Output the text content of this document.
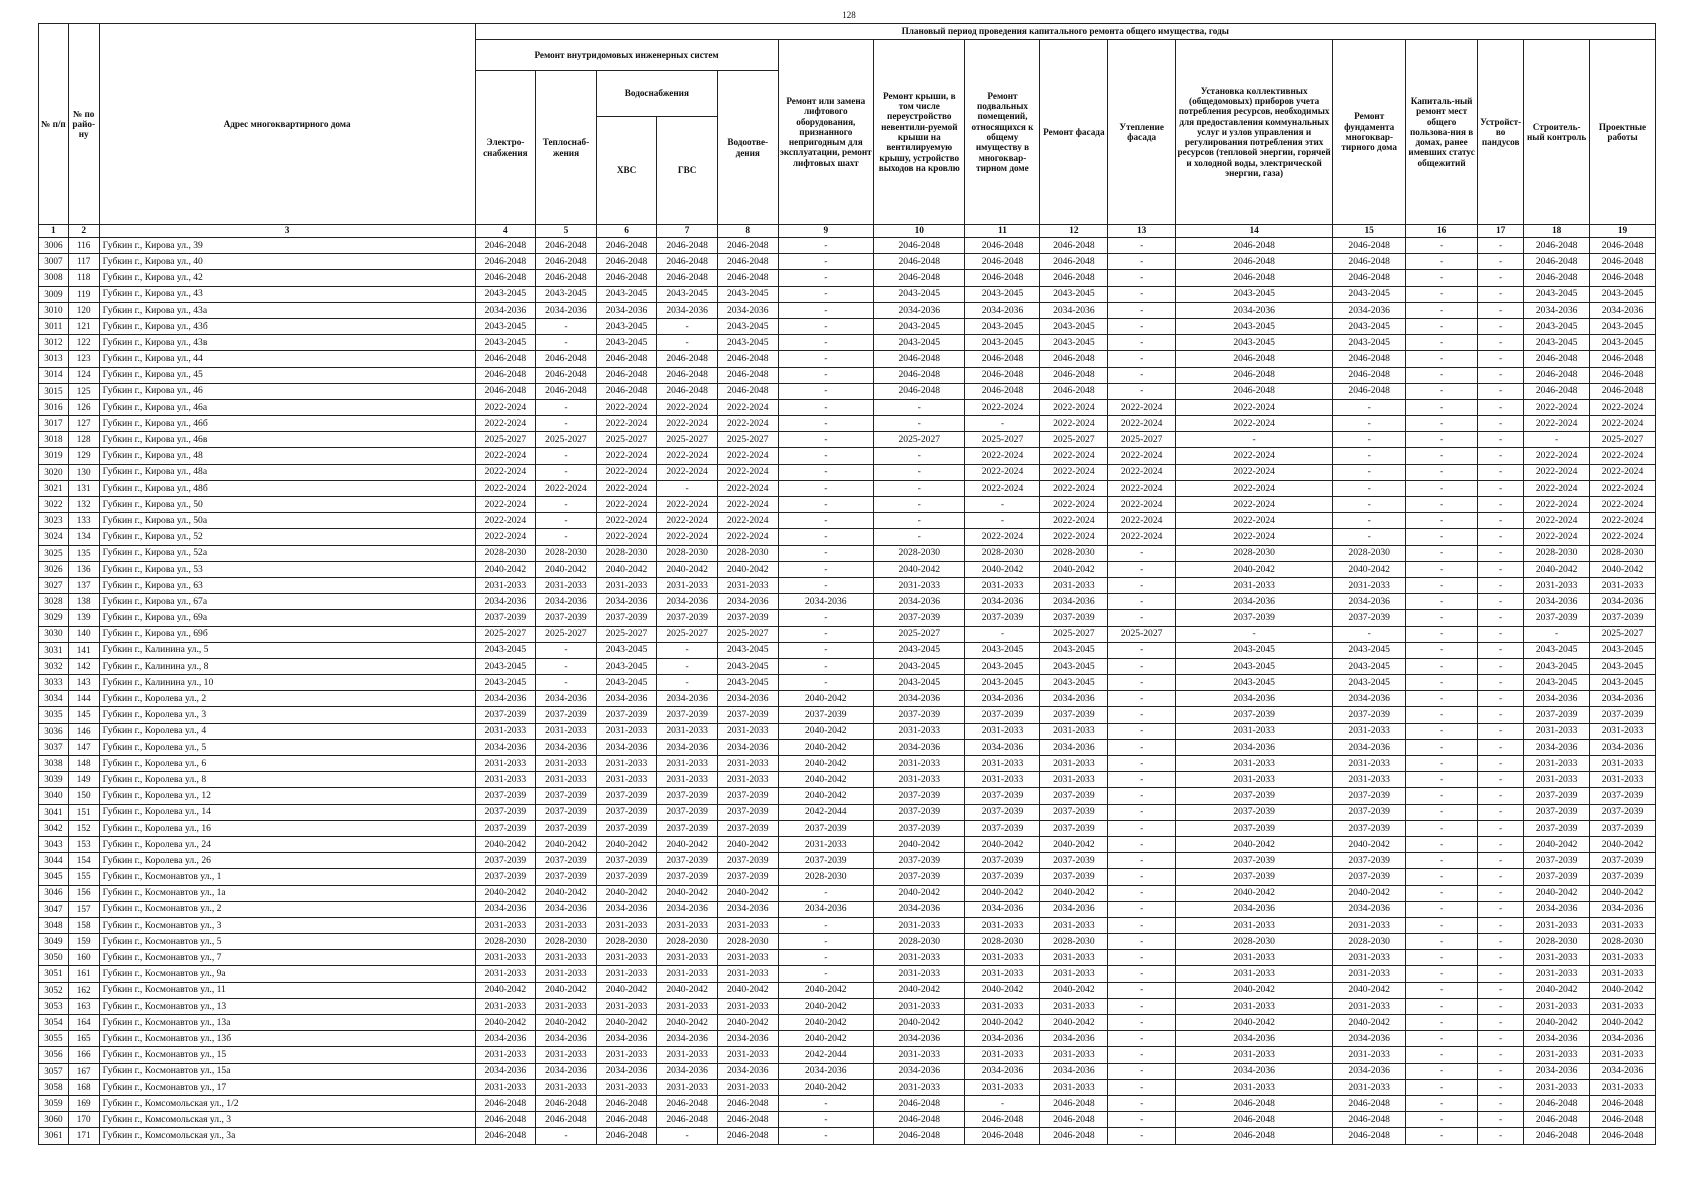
128
№ п/п	№ по райо-ну	Адрес многоквартирного дома	Плановый период проведения капитального ремонта общего имущества, годы															
			Ремонт внутридомовых инженерных систем					Ремонт или замена лифтового оборудования, признанного непригодным для эксплуатации, ремонт лифтовых шахт	Ремонт крыши, в том числе переустройство невентили-руемой крыши на вентилируемую крышу, устройство выходов на кровлю	Ремонт подвальных помещений, относящихся к общему имуществу в многоквар-тирном доме	Ремонт фасада	Утепление фасада	Установка коллективных (общедомовых) приборов учета потребления ресурсов, необходимых для предоставления коммунальных услуг и узлов управления и регулирования потребления этих ресурсов (тепловой энергии, горячей и холодной воды, электрической энергии, газа)	Ремонт фундамента многоквар-тирного дома	Капиталь-ный ремонт мест общего пользова-ния в домах, ранее имевших статус общежитий	Устройст-во пандусов	Строитель-ный контроль	Проектные работы
			Электро-снабжения	Теплоснаб-жения	Водоснабжения		Водоотве-дения											
					ХВС	ГВС												
1	2	3	4	5	6	7	8	9	10	11	12	13	14	15	16	17	18	19
3006	116	Губкин г., Кирова ул., 39	2046-2048	2046-2048	2046-2048	2046-2048	2046-2048	-	2046-2048	2046-2048	2046-2048	-	2046-2048	2046-2048	-	-	2046-2048	2046-2048
3007	117	Губкин г., Кирова ул., 40	2046-2048	2046-2048	2046-2048	2046-2048	2046-2048	-	2046-2048	2046-2048	2046-2048	-	2046-2048	2046-2048	-	-	2046-2048	2046-2048
3008	118	Губкин г., Кирова ул., 42	2046-2048	2046-2048	2046-2048	2046-2048	2046-2048	-	2046-2048	2046-2048	2046-2048	-	2046-2048	2046-2048	-	-	2046-2048	2046-2048
3009	119	Губкин г., Кирова ул., 43	2043-2045	2043-2045	2043-2045	2043-2045	2043-2045	-	2043-2045	2043-2045	2043-2045	-	2043-2045	2043-2045	-	-	2043-2045	2043-2045
3010	120	Губкин г., Кирова ул., 43а	2034-2036	2034-2036	2034-2036	2034-2036	2034-2036	-	2034-2036	2034-2036	2034-2036	-	2034-2036	2034-2036	-	-	2034-2036	2034-2036
3011	121	Губкин г., Кирова ул., 43б	2043-2045	-	2043-2045	-	2043-2045	-	2043-2045	2043-2045	2043-2045	-	2043-2045	2043-2045	-	-	2043-2045	2043-2045
3012	122	Губкин г., Кирова ул., 43в	2043-2045	-	2043-2045	-	2043-2045	-	2043-2045	2043-2045	2043-2045	-	2043-2045	2043-2045	-	-	2043-2045	2043-2045
3013	123	Губкин г., Кирова ул., 44	2046-2048	2046-2048	2046-2048	2046-2048	2046-2048	-	2046-2048	2046-2048	2046-2048	-	2046-2048	2046-2048	-	-	2046-2048	2046-2048
3014	124	Губкин г., Кирова ул., 45	2046-2048	2046-2048	2046-2048	2046-2048	2046-2048	-	2046-2048	2046-2048	2046-2048	-	2046-2048	2046-2048	-	-	2046-2048	2046-2048
3015	125	Губкин г., Кирова ул., 46	2046-2048	2046-2048	2046-2048	2046-2048	2046-2048	-	2046-2048	2046-2048	2046-2048	-	2046-2048	2046-2048	-	-	2046-2048	2046-2048
3016	126	Губкин г., Кирова ул., 46а	2022-2024	-	2022-2024	2022-2024	2022-2024	-	-	2022-2024	2022-2024	2022-2024	2022-2024	-	-	-	2022-2024	2022-2024
3017	127	Губкин г., Кирова ул., 46б	2022-2024	-	2022-2024	2022-2024	2022-2024	-	-	-	2022-2024	2022-2024	2022-2024	-	-	-	2022-2024	2022-2024
3018	128	Губкин г., Кирова ул., 46в	2025-2027	2025-2027	2025-2027	2025-2027	2025-2027	-	2025-2027	2025-2027	2025-2027	2025-2027	-	-	-	-	-	2025-2027
3019	129	Губкин г., Кирова ул., 48	2022-2024	-	2022-2024	2022-2024	2022-2024	-	-	2022-2024	2022-2024	2022-2024	2022-2024	-	-	-	2022-2024	2022-2024
3020	130	Губкин г., Кирова ул., 48а	2022-2024	-	2022-2024	2022-2024	2022-2024	-	-	2022-2024	2022-2024	2022-2024	2022-2024	-	-	-	2022-2024	2022-2024
3021	131	Губкин г., Кирова ул., 48б	2022-2024	2022-2024	2022-2024	-	2022-2024	-	-	2022-2024	2022-2024	2022-2024	2022-2024	-	-	-	2022-2024	2022-2024
3022	132	Губкин г., Кирова ул., 50	2022-2024	-	2022-2024	2022-2024	2022-2024	-	-	-	2022-2024	2022-2024	2022-2024	-	-	-	2022-2024	2022-2024
3023	133	Губкин г., Кирова ул., 50а	2022-2024	-	2022-2024	2022-2024	2022-2024	-	-	-	2022-2024	2022-2024	2022-2024	-	-	-	2022-2024	2022-2024
3024	134	Губкин г., Кирова ул., 52	2022-2024	-	2022-2024	2022-2024	2022-2024	-	-	2022-2024	2022-2024	2022-2024	2022-2024	-	-	-	2022-2024	2022-2024
3025	135	Губкин г., Кирова ул., 52а	2028-2030	2028-2030	2028-2030	2028-2030	2028-2030	-	2028-2030	2028-2030	2028-2030	-	2028-2030	2028-2030	-	-	2028-2030	2028-2030
3026	136	Губкин г., Кирова ул., 53	2040-2042	2040-2042	2040-2042	2040-2042	2040-2042	-	2040-2042	2040-2042	2040-2042	-	2040-2042	2040-2042	-	-	2040-2042	2040-2042
3027	137	Губкин г., Кирова ул., 63	2031-2033	2031-2033	2031-2033	2031-2033	2031-2033	-	2031-2033	2031-2033	2031-2033	-	2031-2033	2031-2033	-	-	2031-2033	2031-2033
3028	138	Губкин г., Кирова ул., 67а	2034-2036	2034-2036	2034-2036	2034-2036	2034-2036	2034-2036	2034-2036	2034-2036	2034-2036	-	2034-2036	2034-2036	-	-	2034-2036	2034-2036
3029	139	Губкин г., Кирова ул., 69а	2037-2039	2037-2039	2037-2039	2037-2039	2037-2039	-	2037-2039	2037-2039	2037-2039	-	2037-2039	2037-2039	-	-	2037-2039	2037-2039
3030	140	Губкин г., Кирова ул., 69б	2025-2027	2025-2027	2025-2027	2025-2027	2025-2027	-	2025-2027	-	2025-2027	2025-2027	-	-	-	-	-	2025-2027
3031	141	Губкин г., Калинина ул., 5	2043-2045	-	2043-2045	-	2043-2045	-	2043-2045	2043-2045	2043-2045	-	2043-2045	2043-2045	-	-	2043-2045	2043-2045
3032	142	Губкин г., Калинина ул., 8	2043-2045	-	2043-2045	-	2043-2045	-	2043-2045	2043-2045	2043-2045	-	2043-2045	2043-2045	-	-	2043-2045	2043-2045
3033	143	Губкин г., Калинина ул., 10	2043-2045	-	2043-2045	-	2043-2045	-	2043-2045	2043-2045	2043-2045	-	2043-2045	2043-2045	-	-	2043-2045	2043-2045
3034	144	Губкин г., Королева ул., 2	2034-2036	2034-2036	2034-2036	2034-2036	2034-2036	2040-2042	2034-2036	2034-2036	2034-2036	-	2034-2036	2034-2036	-	-	2034-2036	2034-2036
3035	145	Губкин г., Королева ул., 3	2037-2039	2037-2039	2037-2039	2037-2039	2037-2039	2037-2039	2037-2039	2037-2039	2037-2039	-	2037-2039	2037-2039	-	-	2037-2039	2037-2039
3036	146	Губкин г., Королева ул., 4	2031-2033	2031-2033	2031-2033	2031-2033	2031-2033	2040-2042	2031-2033	2031-2033	2031-2033	-	2031-2033	2031-2033	-	-	2031-2033	2031-2033
3037	147	Губкин г., Королева ул., 5	2034-2036	2034-2036	2034-2036	2034-2036	2034-2036	2040-2042	2034-2036	2034-2036	2034-2036	-	2034-2036	2034-2036	-	-	2034-2036	2034-2036
3038	148	Губкин г., Королева ул., 6	2031-2033	2031-2033	2031-2033	2031-2033	2031-2033	2040-2042	2031-2033	2031-2033	2031-2033	-	2031-2033	2031-2033	-	-	2031-2033	2031-2033
3039	149	Губкин г., Королева ул., 8	2031-2033	2031-2033	2031-2033	2031-2033	2031-2033	2040-2042	2031-2033	2031-2033	2031-2033	-	2031-2033	2031-2033	-	-	2031-2033	2031-2033
3040	150	Губкин г., Королева ул., 12	2037-2039	2037-2039	2037-2039	2037-2039	2037-2039	2040-2042	2037-2039	2037-2039	2037-2039	-	2037-2039	2037-2039	-	-	2037-2039	2037-2039
3041	151	Губкин г., Королева ул., 14	2037-2039	2037-2039	2037-2039	2037-2039	2037-2039	2042-2044	2037-2039	2037-2039	2037-2039	-	2037-2039	2037-2039	-	-	2037-2039	2037-2039
3042	152	Губкин г., Королева ул., 16	2037-2039	2037-2039	2037-2039	2037-2039	2037-2039	2037-2039	2037-2039	2037-2039	2037-2039	-	2037-2039	2037-2039	-	-	2037-2039	2037-2039
3043	153	Губкин г., Королева ул., 24	2040-2042	2040-2042	2040-2042	2040-2042	2040-2042	2031-2033	2040-2042	2040-2042	2040-2042	-	2040-2042	2040-2042	-	-	2040-2042	2040-2042
3044	154	Губкин г., Королева ул., 26	2037-2039	2037-2039	2037-2039	2037-2039	2037-2039	2037-2039	2037-2039	2037-2039	2037-2039	-	2037-2039	2037-2039	-	-	2037-2039	2037-2039
3045	155	Губкин г., Космонавтов ул., 1	2037-2039	2037-2039	2037-2039	2037-2039	2037-2039	2028-2030	2037-2039	2037-2039	2037-2039	-	2037-2039	2037-2039	-	-	2037-2039	2037-2039
3046	156	Губкин г., Космонавтов ул., 1а	2040-2042	2040-2042	2040-2042	2040-2042	2040-2042	-	2040-2042	2040-2042	2040-2042	-	2040-2042	2040-2042	-	-	2040-2042	2040-2042
3047	157	Губкин г., Космонавтов ул., 2	2034-2036	2034-2036	2034-2036	2034-2036	2034-2036	2034-2036	2034-2036	2034-2036	2034-2036	-	2034-2036	2034-2036	-	-	2034-2036	2034-2036
3048	158	Губкин г., Космонавтов ул., 3	2031-2033	2031-2033	2031-2033	2031-2033	2031-2033	-	2031-2033	2031-2033	2031-2033	-	2031-2033	2031-2033	-	-	2031-2033	2031-2033
3049	159	Губкин г., Космонавтов ул., 5	2028-2030	2028-2030	2028-2030	2028-2030	2028-2030	-	2028-2030	2028-2030	2028-2030	-	2028-2030	2028-2030	-	-	2028-2030	2028-2030
3050	160	Губкин г., Космонавтов ул., 7	2031-2033	2031-2033	2031-2033	2031-2033	2031-2033	-	2031-2033	2031-2033	2031-2033	-	2031-2033	2031-2033	-	-	2031-2033	2031-2033
3051	161	Губкин г., Космонавтов ул., 9а	2031-2033	2031-2033	2031-2033	2031-2033	2031-2033	-	2031-2033	2031-2033	2031-2033	-	2031-2033	2031-2033	-	-	2031-2033	2031-2033
3052	162	Губкин г., Космонавтов ул., 11	2040-2042	2040-2042	2040-2042	2040-2042	2040-2042	2040-2042	2040-2042	2040-2042	2040-2042	-	2040-2042	2040-2042	-	-	2040-2042	2040-2042
3053	163	Губкин г., Космонавтов ул., 13	2031-2033	2031-2033	2031-2033	2031-2033	2031-2033	2040-2042	2031-2033	2031-2033	2031-2033	-	2031-2033	2031-2033	-	-	2031-2033	2031-2033
3054	164	Губкин г., Космонавтов ул., 13а	2040-2042	2040-2042	2040-2042	2040-2042	2040-2042	2040-2042	2040-2042	2040-2042	2040-2042	-	2040-2042	2040-2042	-	-	2040-2042	2040-2042
3055	165	Губкин г., Космонавтов ул., 13б	2034-2036	2034-2036	2034-2036	2034-2036	2034-2036	2040-2042	2034-2036	2034-2036	2034-2036	-	2034-2036	2034-2036	-	-	2034-2036	2034-2036
3056	166	Губкин г., Космонавтов ул., 15	2031-2033	2031-2033	2031-2033	2031-2033	2031-2033	2042-2044	2031-2033	2031-2033	2031-2033	-	2031-2033	2031-2033	-	-	2031-2033	2031-2033
3057	167	Губкин г., Космонавтов ул., 15а	2034-2036	2034-2036	2034-2036	2034-2036	2034-2036	2034-2036	2034-2036	2034-2036	2034-2036	-	2034-2036	2034-2036	-	-	2034-2036	2034-2036
3058	168	Губкин г., Космонавтов ул., 17	2031-2033	2031-2033	2031-2033	2031-2033	2031-2033	2040-2042	2031-2033	2031-2033	2031-2033	-	2031-2033	2031-2033	-	-	2031-2033	2031-2033
3059	169	Губкин г., Комсомольская ул., 1/2	2046-2048	2046-2048	2046-2048	2046-2048	2046-2048	-	2046-2048	-	2046-2048	-	2046-2048	2046-2048	-	-	2046-2048	2046-2048
3060	170	Губкин г., Комсомольская ул., 3	2046-2048	2046-2048	2046-2048	2046-2048	2046-2048	-	2046-2048	2046-2048	2046-2048	-	2046-2048	2046-2048	-	-	2046-2048	2046-2048
3061	171	Губкин г., Комсомольская ул., 3а	2046-2048	-	2046-2048	-	2046-2048	-	2046-2048	2046-2048	2046-2048	-	2046-2048	2046-2048	-	-	2046-2048	2046-2048
